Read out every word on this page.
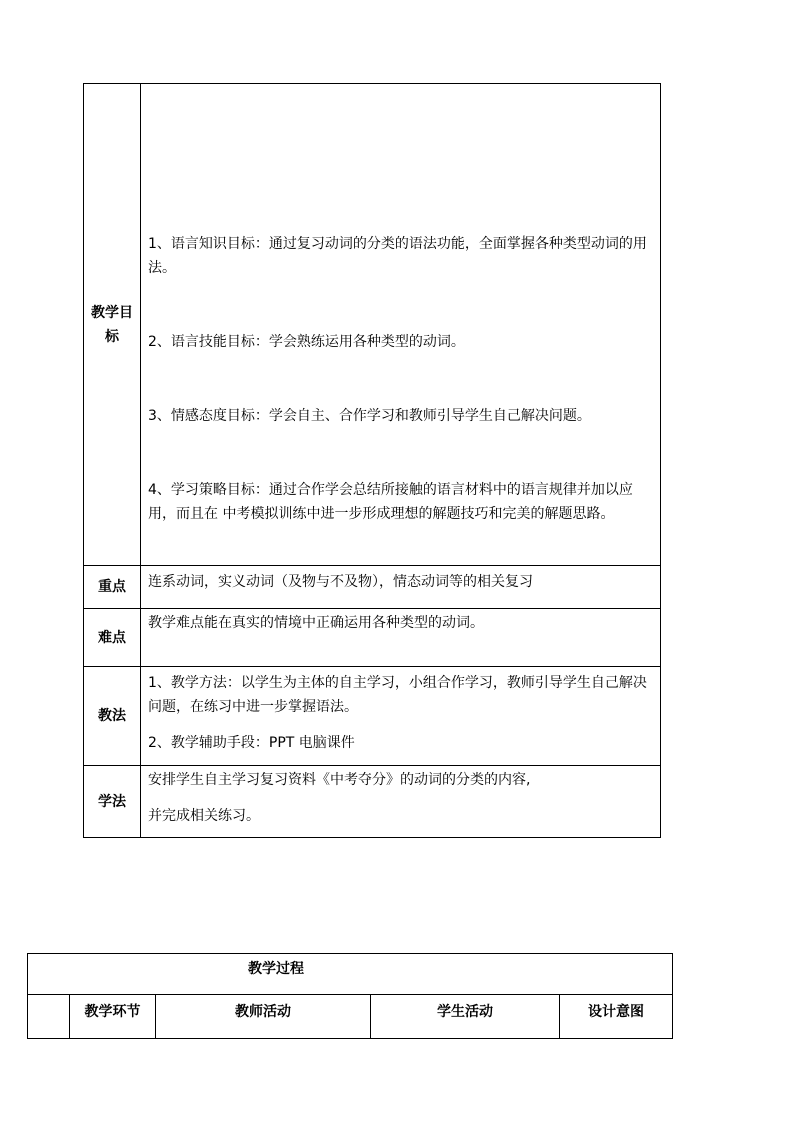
教学目标	1、语言知识目标：通过复习动词的分类的语法功能，全面掌握各种类型动词的用法。

2、语言技能目标：学会熟练运用各种类型的动词。

3、情感态度目标：学会自主、合作学习和教师引导学生自己解决问题。

4、学习策略目标：通过合作学会总结所接触的语言材料中的语言规律并加以应用，而且在 中考模拟训练中进一步形成理想的解题技巧和完美的解题思路。

重点	连系动词，实义动词（及物与不及物），情态动词等的相关复习
难点	教学难点能在真实的情境中正确运用各种类型的动词。
教法	1、教学方法：以学生为主体的自主学习，小组合作学习，教师引导学生自己解决问题，在练习中进一步掌握语法。

2、教学辅助手段：PPT 电脑课件

学法	安排学生自主学习复习资料《中考夺分》的动词的分类的内容,

并完成相关练习。

教学过程
	教学环节	教师活动	学生活动	设计意图
